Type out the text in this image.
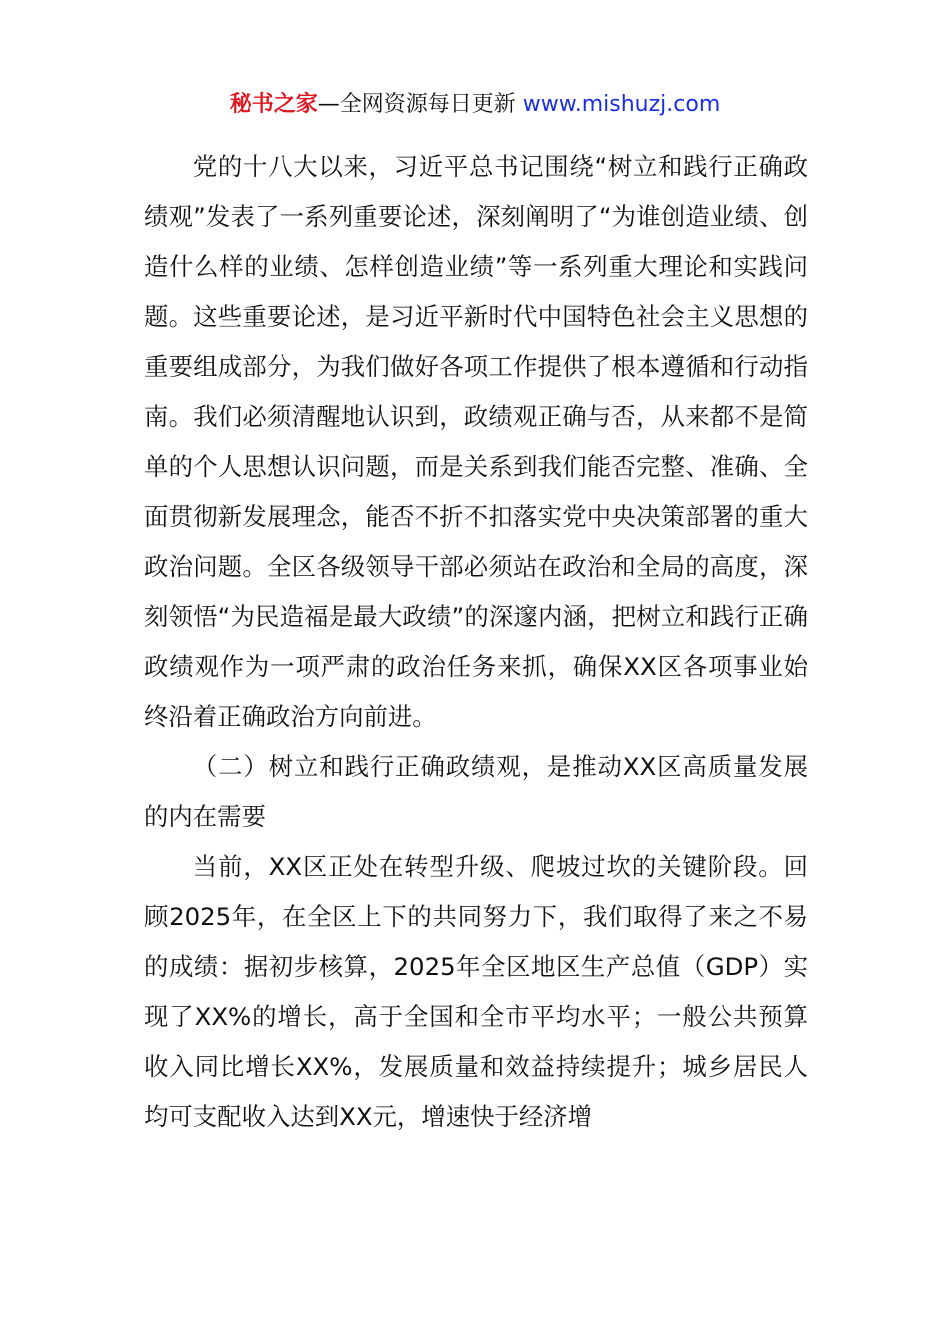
秘书之家—全网资源每日更新 www.mishuzj.com

党的十八大以来，习近平总书记围绕“树立和践行正确政绩观”发表了一系列重要论述，深刻阐明了“为谁创造业绩、创造什么样的业绩、怎样创造业绩”等一系列重大理论和实践问题。这些重要论述，是习近平新时代中国特色社会主义思想的重要组成部分，为我们做好各项工作提供了根本遵循和行动指南。我们必须清醒地认识到，政绩观正确与否，从来都不是简单的个人思想认识问题，而是关系到我们能否完整、准确、全面贯彻新发展理念，能否不折不扣落实党中央决策部署的重大政治问题。全区各级领导干部必须站在政治和全局的高度，深刻领悟“为民造福是最大政绩”的深邃内涵，把树立和践行正确政绩观作为一项严肃的政治任务来抓，确保XX区各项事业始终沿着正确政治方向前进。

（二）树立和践行正确政绩观，是推动XX区高质量发展的内在需要

当前，XX区正处在转型升级、爬坡过坎的关键阶段。回顾2025年，在全区上下的共同努力下，我们取得了来之不易的成绩：据初步核算，2025年全区地区生产总值（GDP）实现了XX%的增长，高于全国和全市平均水平；一般公共预算收入同比增长XX%，发展质量和效益持续提升；城乡居民人均可支配收入达到XX元，增速快于经济增
